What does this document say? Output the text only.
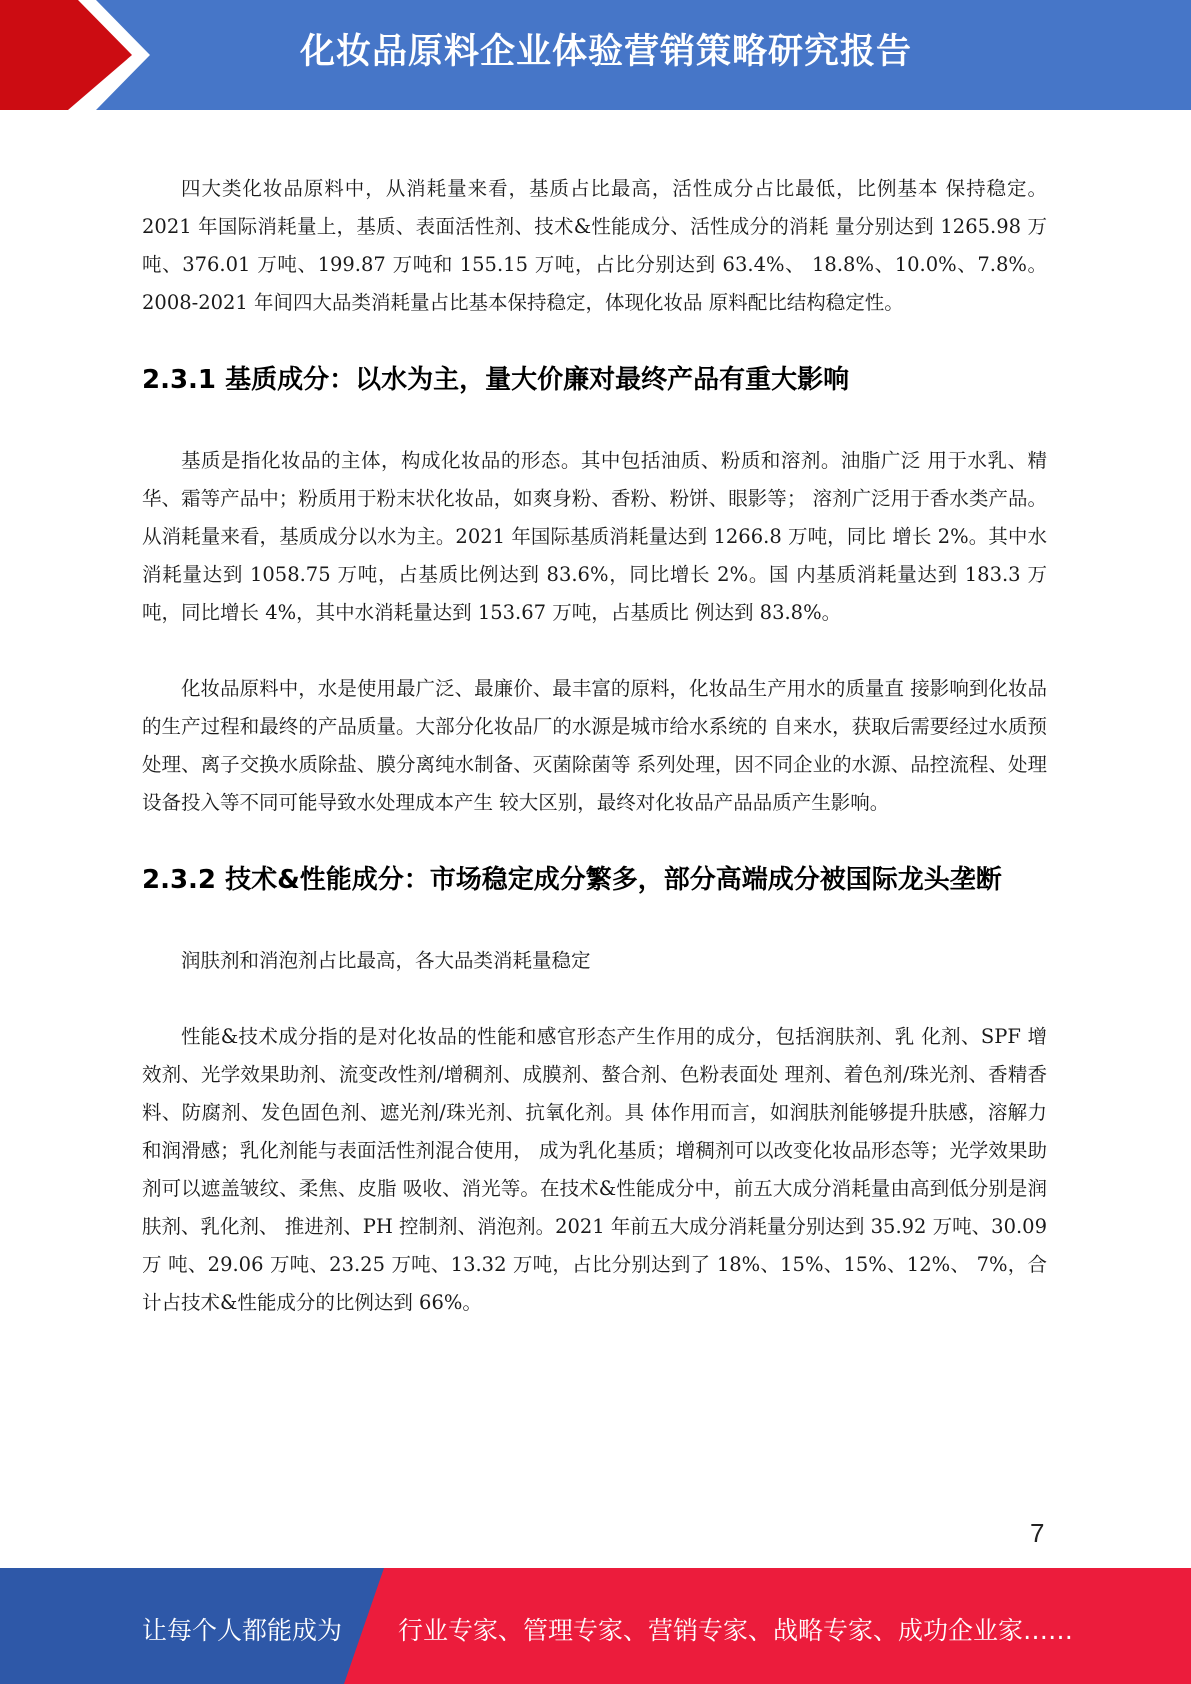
化妆品原料企业体验营销策略研究报告

四大类化妆品原料中，从消耗量来看，基质占比最高，活性成分占比最低，比例基本 保持稳定。2021 年国际消耗量上，基质、表面活性剂、技术&性能成分、活性成分的消耗 量分别达到 1265.98 万吨、376.01 万吨、199.87 万吨和 155.15 万吨，占比分别达到 63.4%、 18.8%、10.0%、7.8%。2008-2021 年间四大品类消耗量占比基本保持稳定，体现化妆品 原料配比结构稳定性。

2.3.1 基质成分：以水为主，量大价廉对最终产品有重大影响

基质是指化妆品的主体，构成化妆品的形态。其中包括油质、粉质和溶剂。油脂广泛 用于水乳、精华、霜等产品中；粉质用于粉末状化妆品，如爽身粉、香粉、粉饼、眼影等； 溶剂广泛用于香水类产品。 从消耗量来看，基质成分以水为主。2021 年国际基质消耗量达到 1266.8 万吨，同比 增长 2%。其中水消耗量达到 1058.75 万吨，占基质比例达到 83.6%，同比增长 2%。国 内基质消耗量达到 183.3 万吨，同比增长 4%，其中水消耗量达到 153.67 万吨，占基质比 例达到 83.8%。

化妆品原料中，水是使用最广泛、最廉价、最丰富的原料，化妆品生产用水的质量直 接影响到化妆品的生产过程和最终的产品质量。大部分化妆品厂的水源是城市给水系统的 自来水，获取后需要经过水质预处理、离子交换水质除盐、膜分离纯水制备、灭菌除菌等 系列处理，因不同企业的水源、品控流程、处理设备投入等不同可能导致水处理成本产生 较大区别，最终对化妆品产品品质产生影响。

2.3.2 技术&性能成分：市场稳定成分繁多，部分高端成分被国际龙头垄断

润肤剂和消泡剂占比最高，各大品类消耗量稳定

性能&技术成分指的是对化妆品的性能和感官形态产生作用的成分，包括润肤剂、乳 化剂、SPF 增效剂、光学效果助剂、流变改性剂/增稠剂、成膜剂、螯合剂、色粉表面处 理剂、着色剂/珠光剂、香精香料、防腐剂、发色固色剂、遮光剂/珠光剂、抗氧化剂。具 体作用而言，如润肤剂能够提升肤感，溶解力和润滑感；乳化剂能与表面活性剂混合使用， 成为乳化基质；增稠剂可以改变化妆品形态等；光学效果助剂可以遮盖皱纹、柔焦、皮脂 吸收、消光等。在技术&性能成分中，前五大成分消耗量由高到低分别是润肤剂、乳化剂、 推进剂、PH 控制剂、消泡剂。2021 年前五大成分消耗量分别达到 35.92 万吨、30.09 万 吨、29.06 万吨、23.25 万吨、13.32 万吨，占比分别达到了 18%、15%、15%、12%、 7%，合计占技术&性能成分的比例达到 66%。

7
让每个人都能成为 行业专家、管理专家、营销专家、战略专家、成功企业家……
